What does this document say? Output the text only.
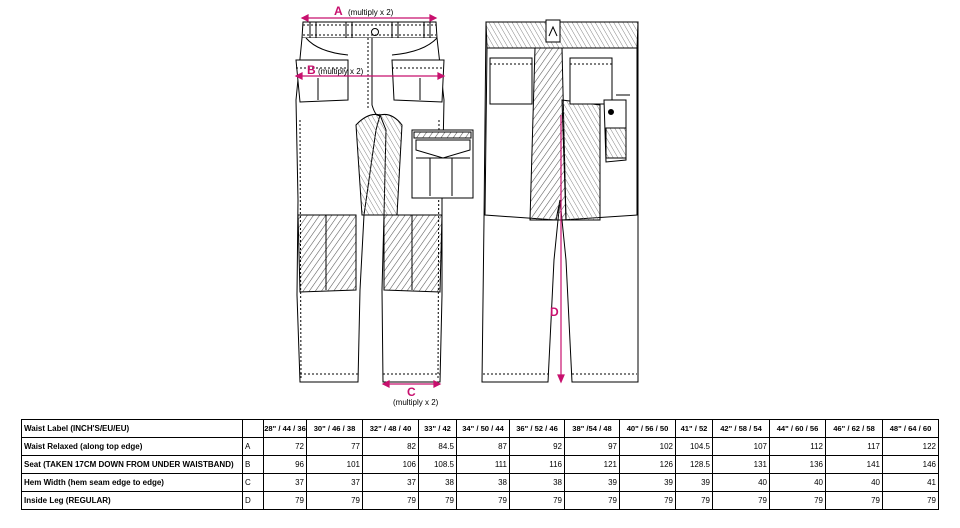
A (multiply x 2)
B (multiply x 2)
C
(multiply x 2)
D
Waist Label (INCH'S/EU/EU)		28" / 44 / 36	30" / 46 / 38	32" / 48 / 40	33" / 42	34" / 50 / 44	36" / 52 / 46	38" /54 / 48	40" / 56 / 50	41" / 52	42" / 58 / 54	44" / 60 / 56	46" / 62 / 58	48" / 64 / 60
Waist Relaxed (along top edge)	A	72	77	82	84.5	87	92	97	102	104.5	107	112	117	122
Seat (TAKEN 17CM DOWN FROM UNDER WAISTBAND)	B	96	101	106	108.5	111	116	121	126	128.5	131	136	141	146
Hem Width (hem seam edge to edge)	C	37	37	37	38	38	38	39	39	39	40	40	40	41
Inside Leg (REGULAR)	D	79	79	79	79	79	79	79	79	79	79	79	79	79
